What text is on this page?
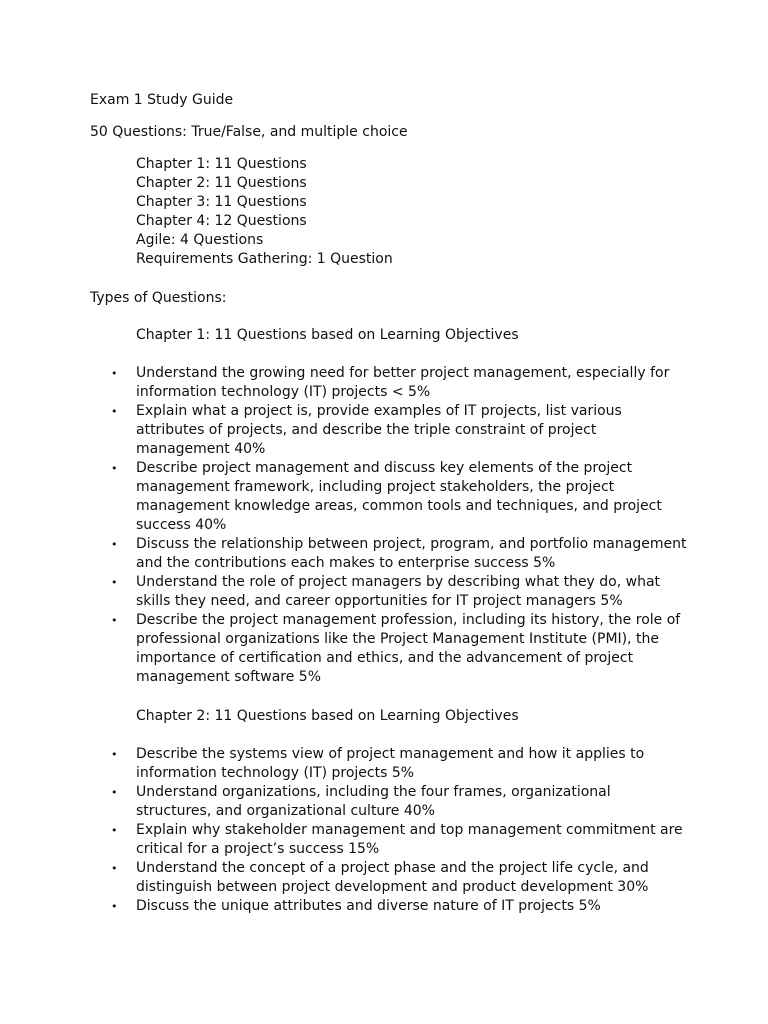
Exam 1 Study Guide
50 Questions: True/False, and multiple choice
Chapter 1: 11 Questions
Chapter 2: 11 Questions
Chapter 3: 11 Questions
Chapter 4: 12 Questions
Agile: 4 Questions
Requirements Gathering: 1 Question
Types of Questions:
Chapter 1: 11 Questions based on Learning Objectives
• Understand the growing need for better project management, especially for information technology (IT) projects < 5%
• Explain what a project is, provide examples of IT projects, list various attributes of projects, and describe the triple constraint of project management 40%
• Describe project management and discuss key elements of the project management framework, including project stakeholders, the project management knowledge areas, common tools and techniques, and project success 40%
• Discuss the relationship between project, program, and portfolio management and the contributions each makes to enterprise success 5%
• Understand the role of project managers by describing what they do, what skills they need, and career opportunities for IT project managers 5%
• Describe the project management profession, including its history, the role of professional organizations like the Project Management Institute (PMI), the importance of certification and ethics, and the advancement of project management software 5%
Chapter 2: 11 Questions based on Learning Objectives
• Describe the systems view of project management and how it applies to information technology (IT) projects 5%
• Understand organizations, including the four frames, organizational structures, and organizational culture 40%
• Explain why stakeholder management and top management commitment are critical for a project’s success 15%
• Understand the concept of a project phase and the project life cycle, and distinguish between project development and product development 30%
• Discuss the unique attributes and diverse nature of IT projects 5%
